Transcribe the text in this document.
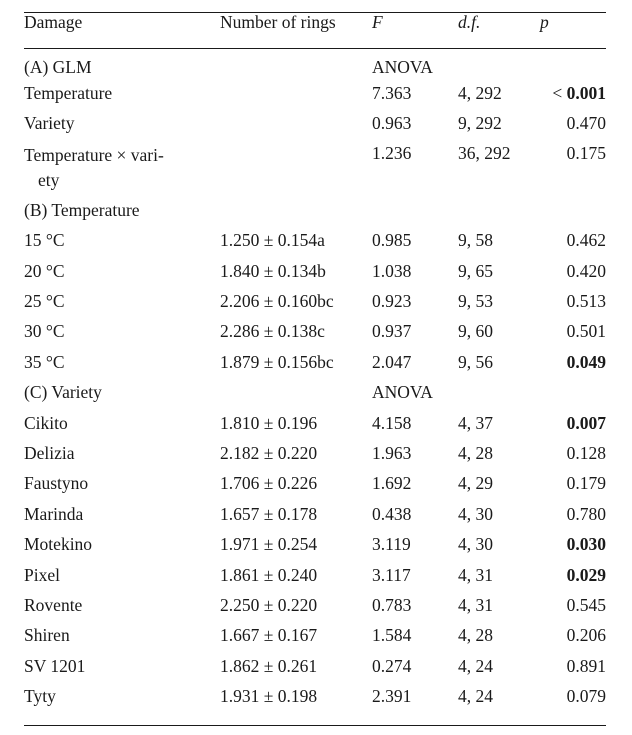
Damage	Number of rings	F	d.f.	p
(A) GLM		ANOVA		
Temperature		7.363	4, 292	< 0.001
Variety		0.963	9, 292	0.470

Temperature × vari-
ety		1.236	36, 292	0.175
(B) Temperature				
15 °C	1.250 ± 0.154a	0.985	9, 58	0.462
20 °C	1.840 ± 0.134b	1.038	9, 65	0.420
25 °C	2.206 ± 0.160bc	0.923	9, 53	0.513
30 °C	2.286 ± 0.138c	0.937	9, 60	0.501
35 °C	1.879 ± 0.156bc	2.047	9, 56	0.049
(C) Variety		ANOVA		
Cikito	1.810 ± 0.196	4.158	4, 37	0.007
Delizia	2.182 ± 0.220	1.963	4, 28	0.128
Faustyno	1.706 ± 0.226	1.692	4, 29	0.179
Marinda	1.657 ± 0.178	0.438	4, 30	0.780
Motekino	1.971 ± 0.254	3.119	4, 30	0.030
Pixel	1.861 ± 0.240	3.117	4, 31	0.029
Rovente	2.250 ± 0.220	0.783	4, 31	0.545
Shiren	1.667 ± 0.167	1.584	4, 28	0.206
SV 1201	1.862 ± 0.261	0.274	4, 24	0.891
Tyty	1.931 ± 0.198	2.391	4, 24	0.079
